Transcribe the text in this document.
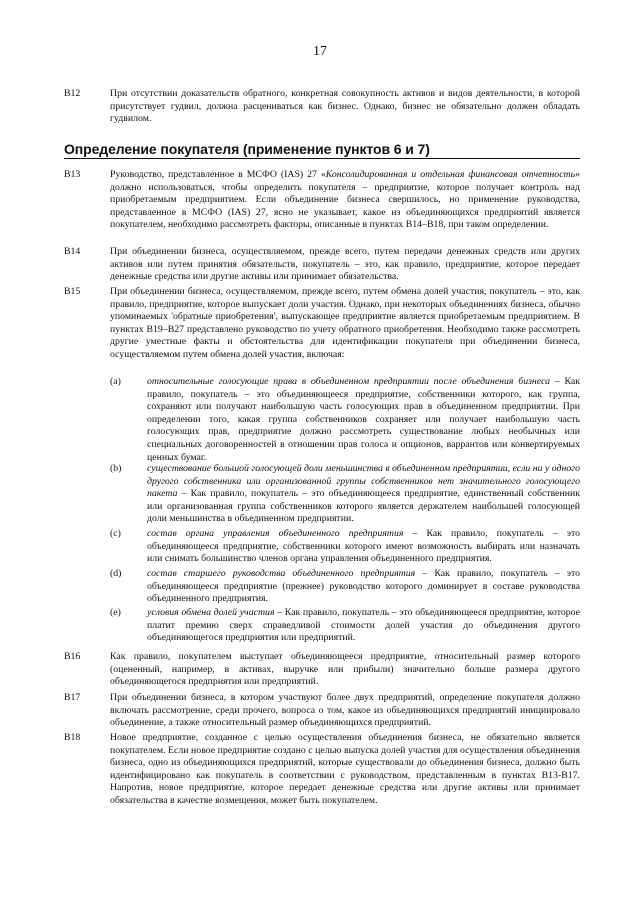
17
B12	При отсутствии доказательств обратного, конкретная совокупность активов и видов деятельности, в которой присутствует гудвил, должна расцениваться как бизнес. Однако, бизнес не обязательно должен обладать гудвилом.
Определение покупателя (применение пунктов 6 и 7)
B13	Руководство, представленное в МСФО (IAS) 27 «Консолидированная и отдельная финансовая отчетность» должно использоваться, чтобы определить покупателя – предприятие, которое получает контроль над приобретаемым предприятием. Если объединение бизнеса свершилось, но применение руководства, представленное в МСФО (IAS) 27, ясно не указывает, какое из объединяющихся предприятий является покупателем, необходимо рассмотреть факторы, описанные в пунктах B14–B18, при таком определении.
B14	При объединении бизнеса, осуществляемом, прежде всего, путем передачи денежных средств или других активов или путем принятия обязательств, покупатель – это, как правило, предприятие, которое передает денежные средства или другие активы или принимает обязательства.
B15	При объединении бизнеса, осуществляемом, прежде всего, путем обмена долей участия, покупатель – это, как правило, предприятие, которое выпускает доли участия. Однако, при некоторых объединениях бизнеса, обычно упоминаемых 'обратные приобретения', выпускающее предприятие является приобретаемым предприятием. В пунктах B19–B27 представлено руководство по учету обратного приобретения. Необходимо также рассмотреть другие уместные факты и обстоятельства для идентификации покупателя при объединении бизнеса, осуществляемом путем обмена долей участия, включая:
(a)	относительные голосующие права в объединенном предприятии после объединения бизнеса – Как правило, покупатель – это объединяющееся предприятие, собственники которого, как группа, сохраняют или получают наибольшую часть голосующих прав в объединенном предприятии. При определении того, какая группа собственников сохраняет или получает наибольшую часть голосующих прав, предприятие должно рассмотреть существование любых необычных или специальных договоренностей в отношении прав голоса и опционов, варрантов или конвертируемых ценных бумаг.
(b)	существование большой голосующей доли меньшинства в объединенном предприятии, если ни у одного другого собственника или организованной группы собственников нет значительного голосующего пакета – Как правило, покупатель – это объединяющееся предприятие, единственный собственник или организованная группа собственников которого является держателем наибольшей голосующей доли меньшинства в объединенном предприятии.
(c)	состав органа управления объединенного предприятия – Как правило, покупатель – это объединяющееся предприятие, собственники которого имеют возможность выбирать или назначать или снимать большинство членов органа управления объединенного предприятия.
(d)	состав старшего руководства объединенного предприятия – Как правило, покупатель – это объединяющееся предприятие (прежнее) руководство которого доминирует в составе руководства объединенного предприятия.
(e)	условия обмена долей участия – Как правило, покупатель – это объединяющееся предприятие, которое платит премию сверх справедливой стоимости долей участия до объединения другого объединяющегося предприятия или предприятий.
B16	Как правило, покупателем выступает объединяющееся предприятие, относительный размер которого (оцененный, например, в активах, выручке или прибыли) значительно больше размера другого объединяющегося предприятия или предприятий.
B17	При объединении бизнеса, в котором участвуют более двух предприятий, определение покупателя должно включать рассмотрение, среди прочего, вопроса о том, какое из объединяющихся предприятий инициировало объединение, а также относительный размер объединяющихся предприятий.
B18	Новое предприятие, созданное с целью осуществления объединения бизнеса, не обязательно является покупателем. Если новое предприятие создано с целью выпуска долей участия для осуществления объединения бизнеса, одно из объединяющихся предприятий, которые существовали до объединения бизнеса, должно быть идентифицировано как покупатель в соответствии с руководством, представленным в пунктах B13-B17. Напротив, новое предприятие, которое передает денежные средства или другие активы или принимает обязательства в качестве возмещения, может быть покупателем.
